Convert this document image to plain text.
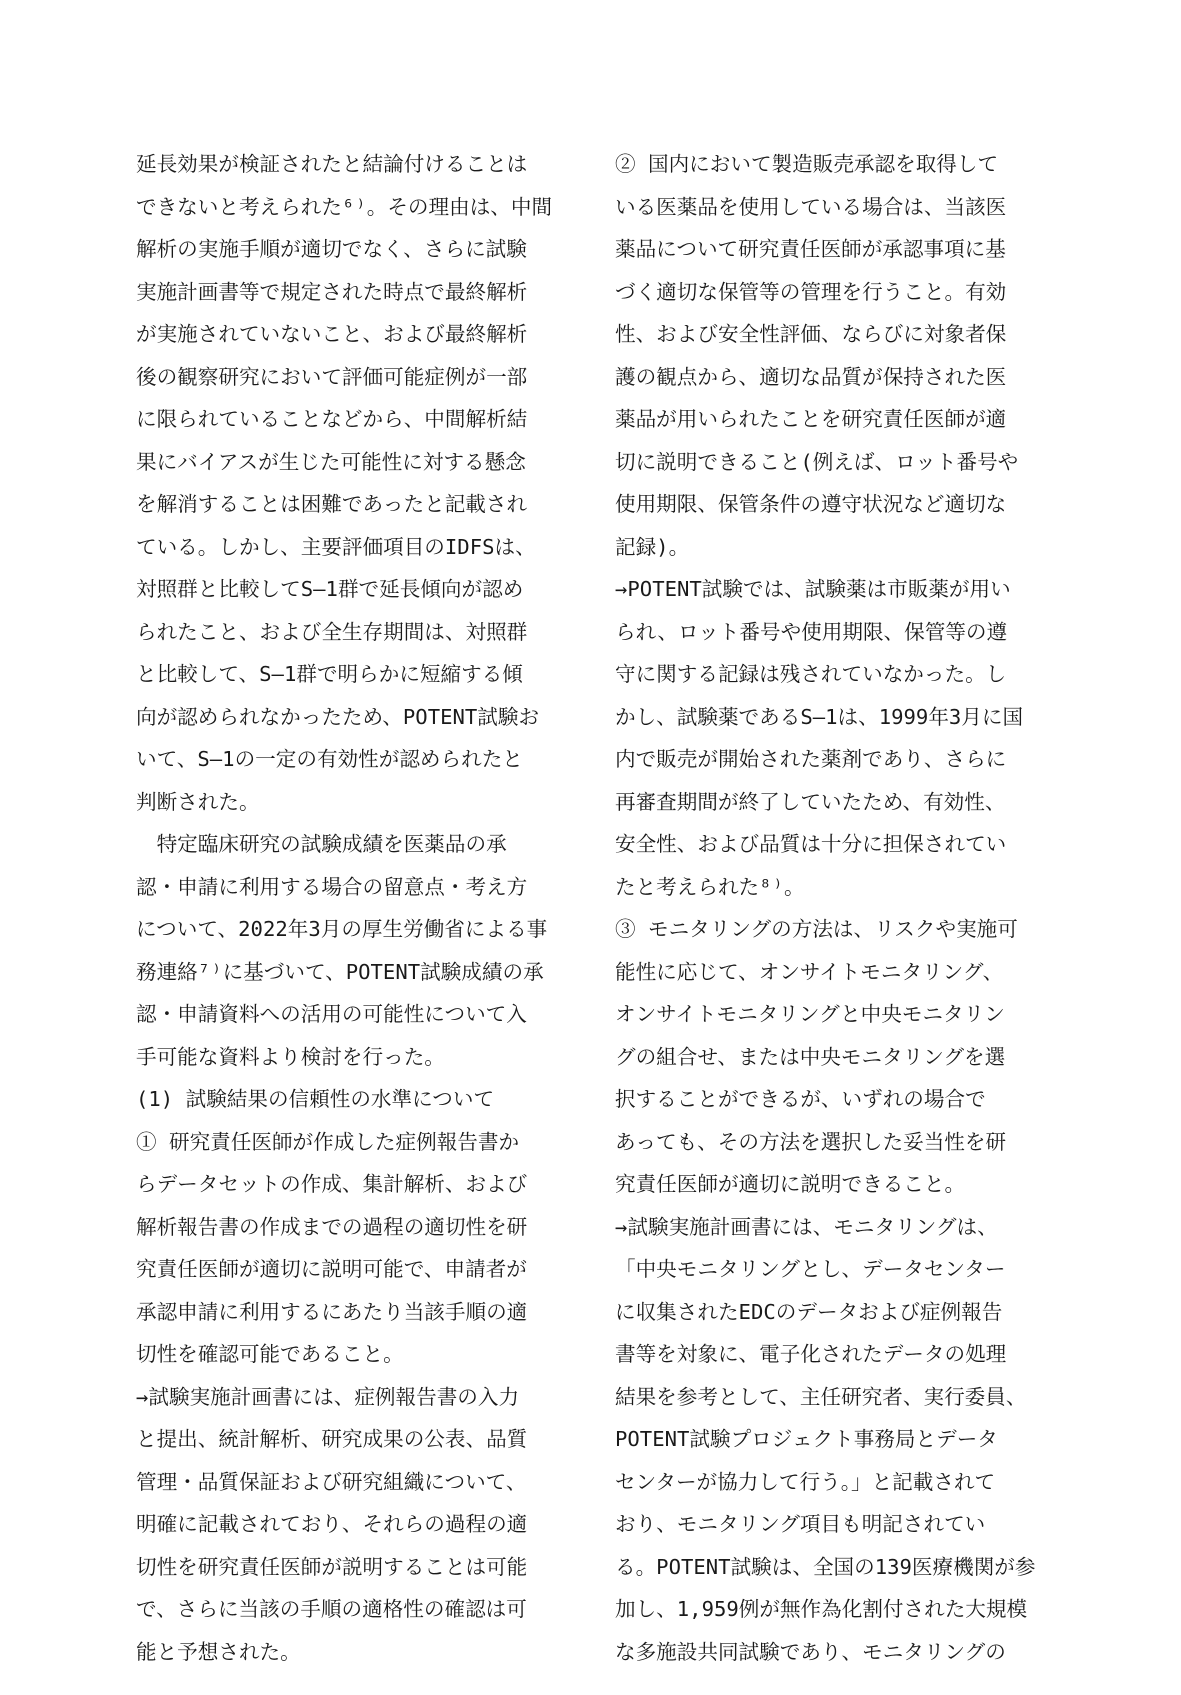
延長効果が検証されたと結論付けることは
できないと考えられた⁶⁾。その理由は、中間
解析の実施手順が適切でなく、さらに試験
実施計画書等で規定された時点で最終解析
が実施されていないこと、および最終解析
後の観察研究において評価可能症例が一部
に限られていることなどから、中間解析結
果にバイアスが生じた可能性に対する懸念
を解消することは困難であったと記載され
ている。しかし、主要評価項目のIDFSは、
対照群と比較してS―1群で延長傾向が認め
られたこと、および全生存期間は、対照群
と比較して、S―1群で明らかに短縮する傾
向が認められなかったため、POTENT試験お
いて、S―1の一定の有効性が認められたと
判断された。
　特定臨床研究の試験成績を医薬品の承
認・申請に利用する場合の留意点・考え方
について、2022年3月の厚生労働省による事
務連絡⁷⁾に基づいて、POTENT試験成績の承
認・申請資料への活用の可能性について入
手可能な資料より検討を行った。
(1) 試験結果の信頼性の水準について
① 研究責任医師が作成した症例報告書か
らデータセットの作成、集計解析、および
解析報告書の作成までの過程の適切性を研
究責任医師が適切に説明可能で、申請者が
承認申請に利用するにあたり当該手順の適
切性を確認可能であること。
→試験実施計画書には、症例報告書の入力
と提出、統計解析、研究成果の公表、品質
管理・品質保証および研究組織について、
明確に記載されており、それらの過程の適
切性を研究責任医師が説明することは可能
で、さらに当該の手順の適格性の確認は可
能と予想された。
② 国内において製造販売承認を取得して
いる医薬品を使用している場合は、当該医
薬品について研究責任医師が承認事項に基
づく適切な保管等の管理を行うこと。有効
性、および安全性評価、ならびに対象者保
護の観点から、適切な品質が保持された医
薬品が用いられたことを研究責任医師が適
切に説明できること(例えば、ロット番号や
使用期限、保管条件の遵守状況など適切な
記録)。
→POTENT試験では、試験薬は市販薬が用い
られ、ロット番号や使用期限、保管等の遵
守に関する記録は残されていなかった。し
かし、試験薬であるS―1は、1999年3月に国
内で販売が開始された薬剤であり、さらに
再審査期間が終了していたため、有効性、
安全性、および品質は十分に担保されてい
たと考えられた⁸⁾。
③ モニタリングの方法は、リスクや実施可
能性に応じて、オンサイトモニタリング、
オンサイトモニタリングと中央モニタリン
グの組合せ、または中央モニタリングを選
択することができるが、いずれの場合で
あっても、その方法を選択した妥当性を研
究責任医師が適切に説明できること。
→試験実施計画書には、モニタリングは、
「中央モニタリングとし、データセンター
に収集されたEDCのデータおよび症例報告
書等を対象に、電子化されたデータの処理
結果を参考として、主任研究者、実行委員、
POTENT試験プロジェクト事務局とデータ
センターが協力して行う。」と記載されて
おり、モニタリング項目も明記されてい
る。POTENT試験は、全国の139医療機関が参
加し、1,959例が無作為化割付された大規模
な多施設共同試験であり、モニタリングの
